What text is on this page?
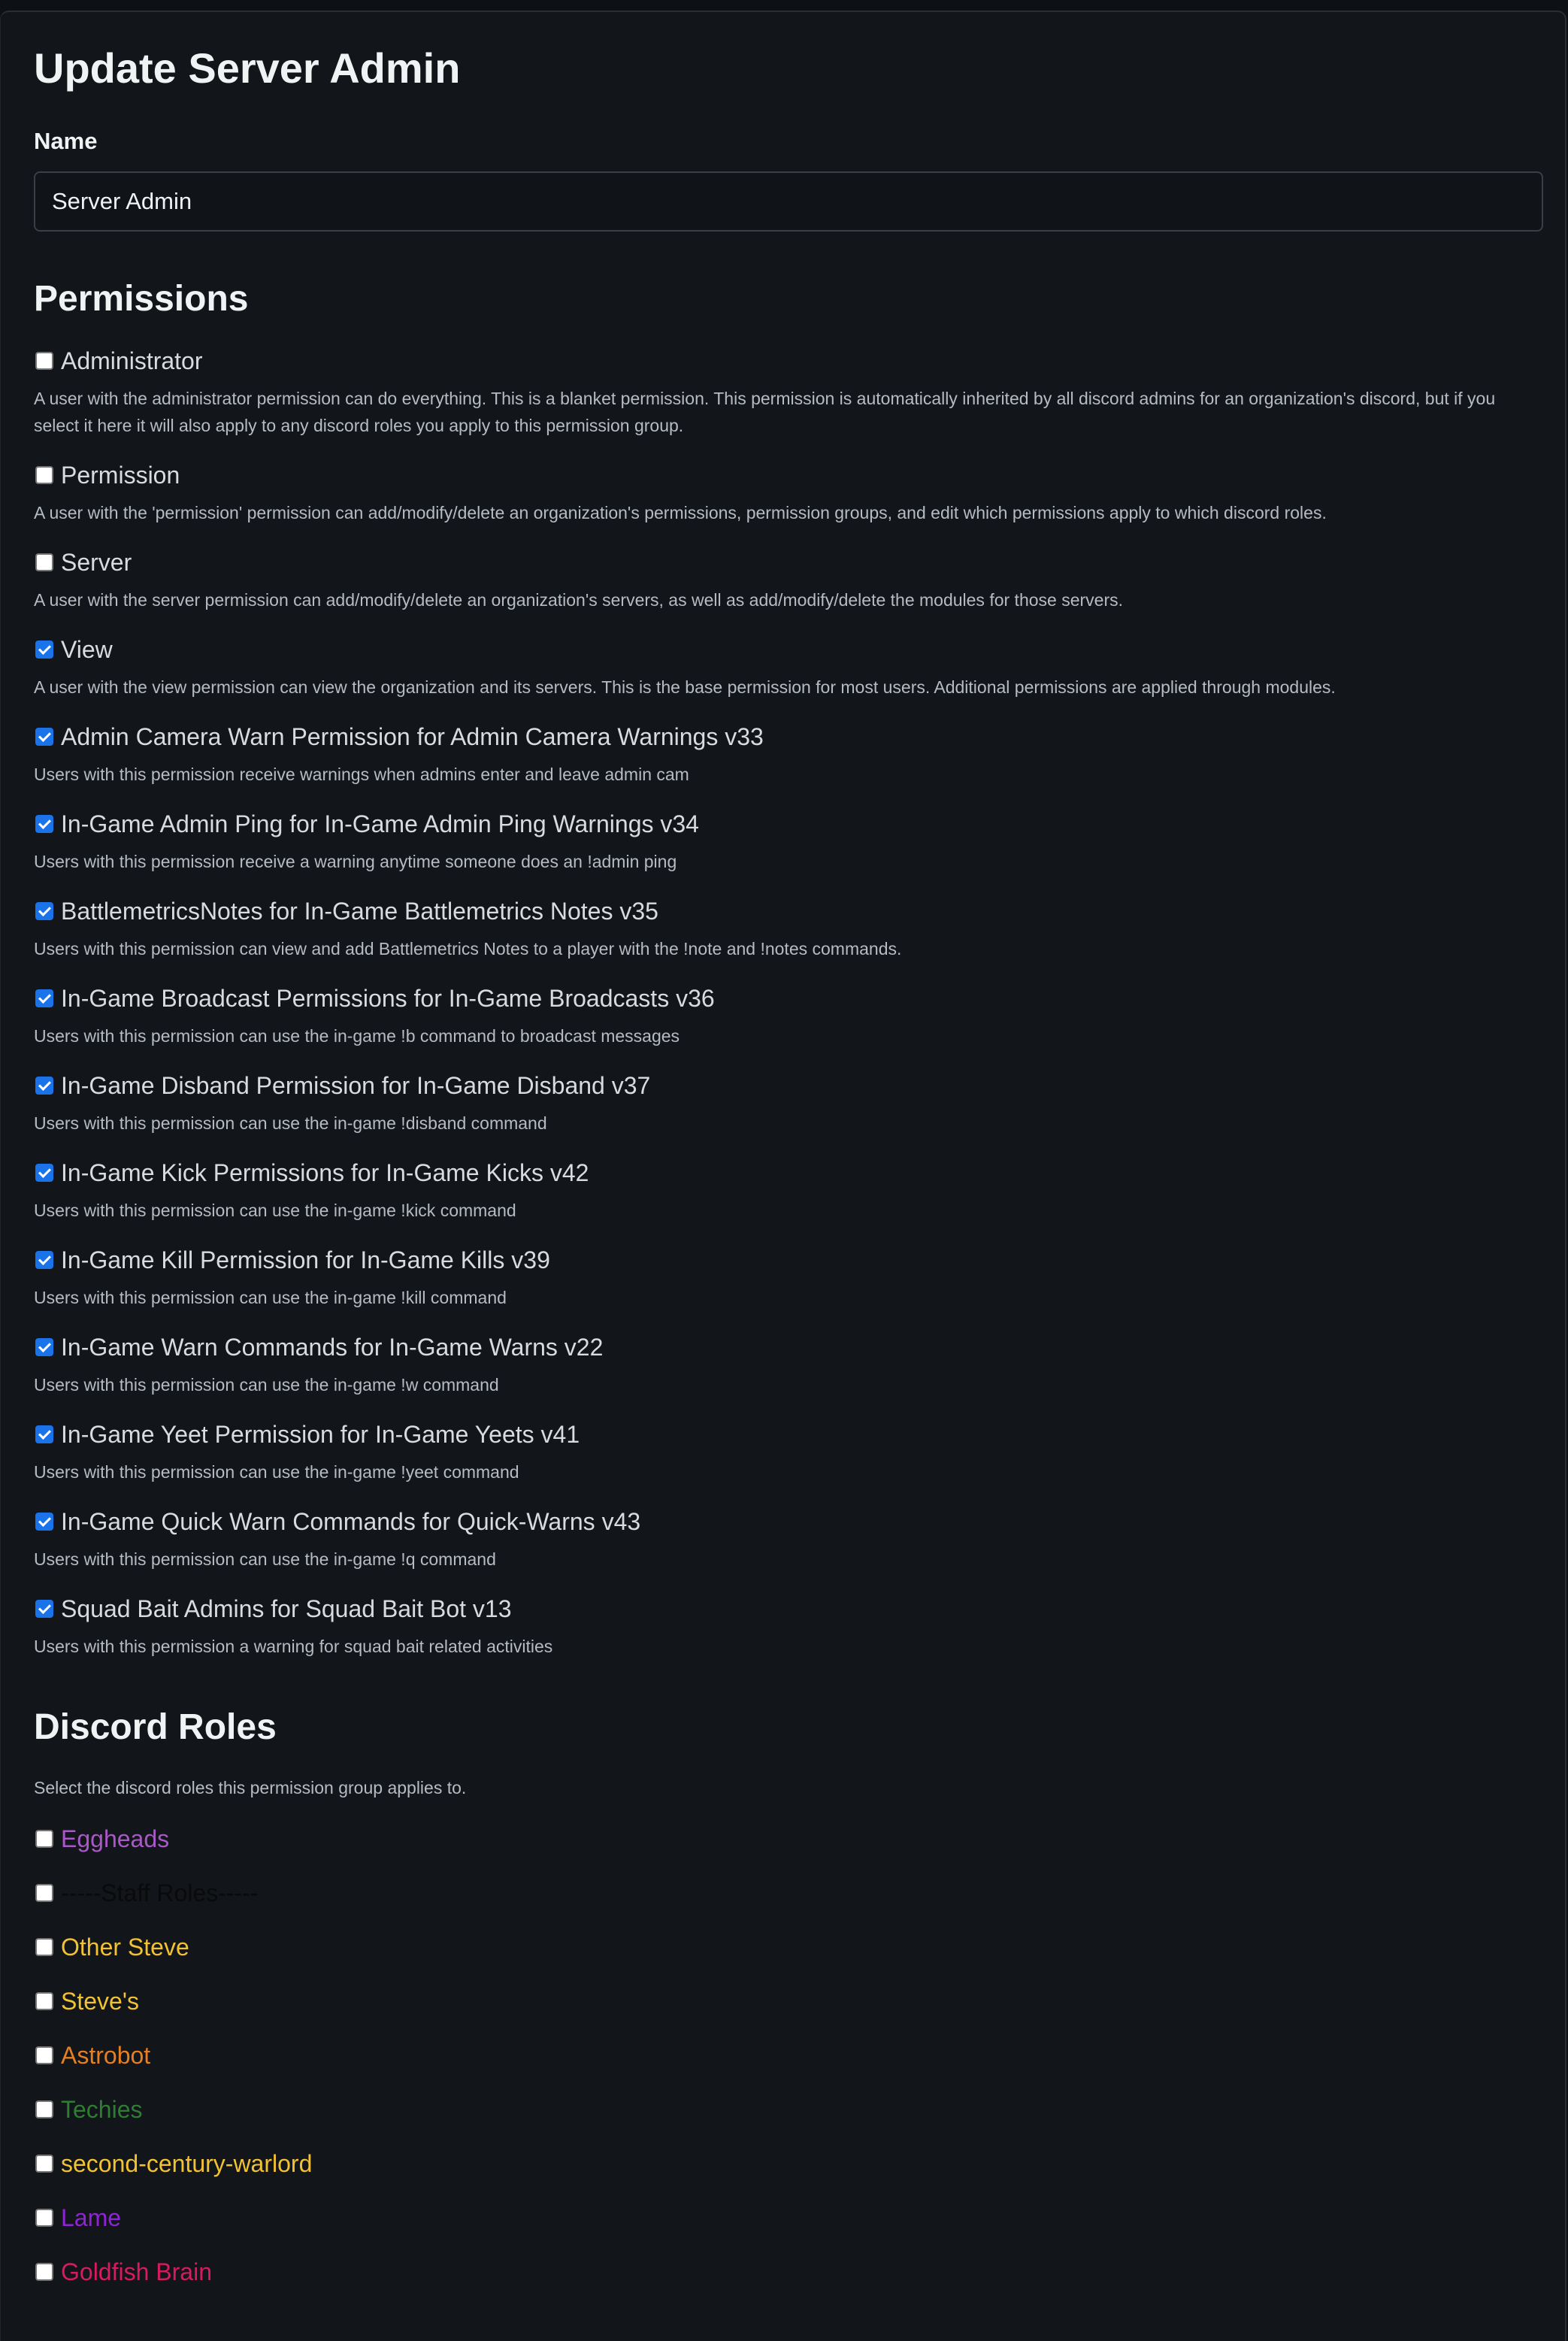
Update Server Admin
Name
Server Admin
Permissions
Administrator
A user with the administrator permission can do everything. This is a blanket permission. This permission is automatically inherited by all discord admins for an organization's discord, but if you select it here it will also apply to any discord roles you apply to this permission group.
Permission
A user with the 'permission' permission can add/modify/delete an organization's permissions, permission groups, and edit which permissions apply to which discord roles.
Server
A user with the server permission can add/modify/delete an organization's servers, as well as add/modify/delete the modules for those servers.
View
A user with the view permission can view the organization and its servers. This is the base permission for most users. Additional permissions are applied through modules.
Admin Camera Warn Permission for Admin Camera Warnings v33
Users with this permission receive warnings when admins enter and leave admin cam
In-Game Admin Ping for In-Game Admin Ping Warnings v34
Users with this permission receive a warning anytime someone does an !admin ping
BattlemetricsNotes for In-Game Battlemetrics Notes v35
Users with this permission can view and add Battlemetrics Notes to a player with the !note and !notes commands.
In-Game Broadcast Permissions for In-Game Broadcasts v36
Users with this permission can use the in-game !b command to broadcast messages
In-Game Disband Permission for In-Game Disband v37
Users with this permission can use the in-game !disband command
In-Game Kick Permissions for In-Game Kicks v42
Users with this permission can use the in-game !kick command
In-Game Kill Permission for In-Game Kills v39
Users with this permission can use the in-game !kill command
In-Game Warn Commands for In-Game Warns v22
Users with this permission can use the in-game !w command
In-Game Yeet Permission for In-Game Yeets v41
Users with this permission can use the in-game !yeet command
In-Game Quick Warn Commands for Quick-Warns v43
Users with this permission can use the in-game !q command
Squad Bait Admins for Squad Bait Bot v13
Users with this permission a warning for squad bait related activities
Discord Roles
Select the discord roles this permission group applies to.
Eggheads
-----Staff Roles-----
Other Steve
Steve's
Astrobot
Techies
second-century-warlord
Lame
Goldfish Brain
